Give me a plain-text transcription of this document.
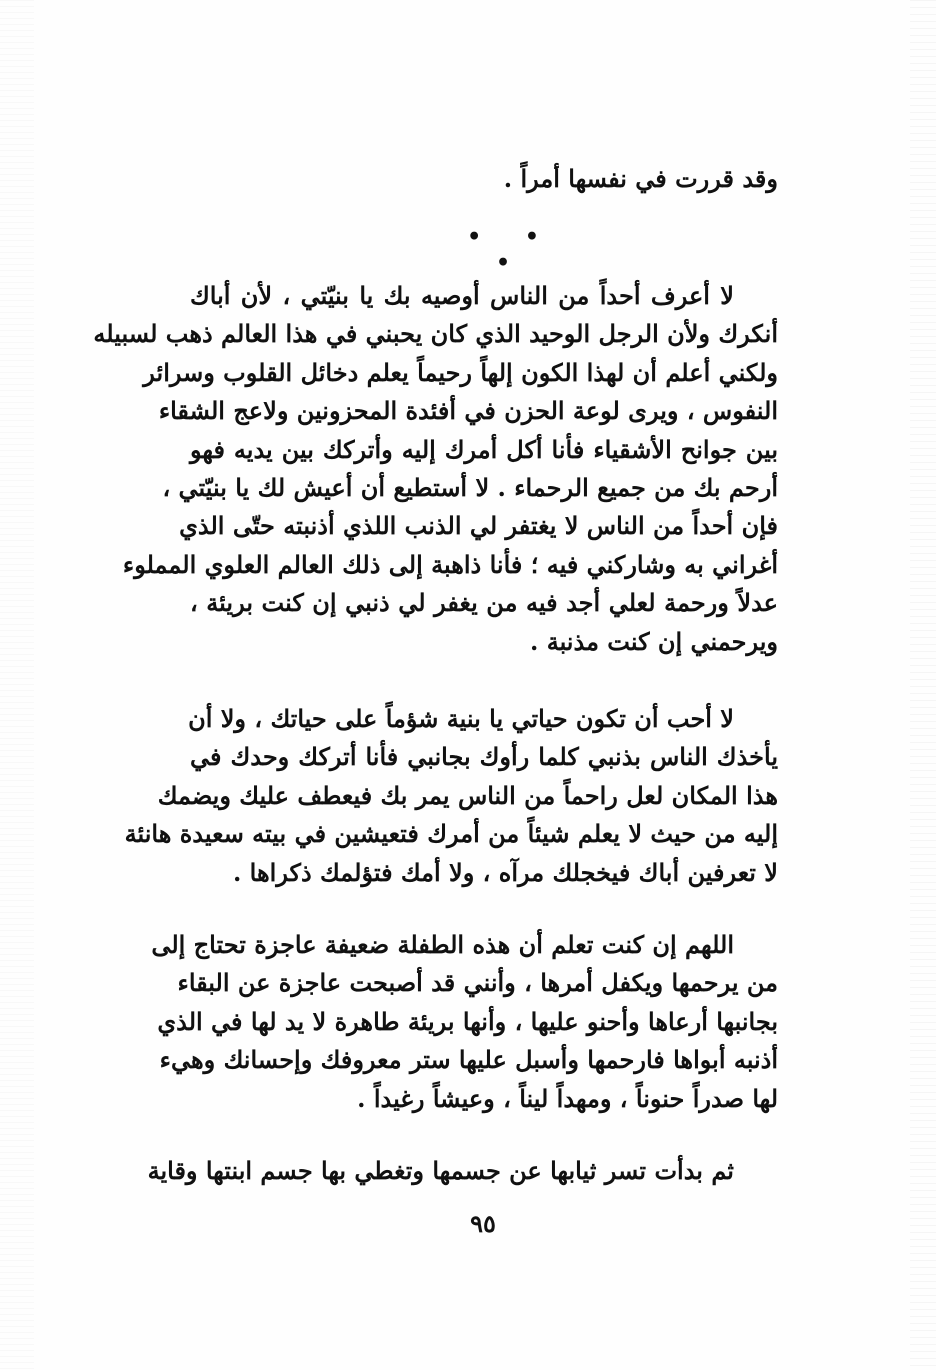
وقد قررت في نفسها أمراً .
• • •
لا أعرف أحداً من الناس أوصيه بك يا بنيّتي ، لأن أباك
أنكرك ولأن الرجل الوحيد الذي كان يحبني في هذا العالم ذهب لسبيله
ولكني أعلم أن لهذا الكون إلهاً رحيماً يعلم دخائل القلوب وسرائر
النفوس ، ويرى لوعة الحزن في أفئدة المحزونين ولاعج الشقاء
بين جوانح الأشقياء فأنا أكل أمرك إليه وأتركك بين يديه فهو
أرحم بك من جميع الرحماء . لا أستطيع أن أعيش لك يا بنيّتي ،
فإن أحداً من الناس لا يغتفر لي الذنب اللذي أذنبته حتّى الذي
أغراني به وشاركني فيه ؛ فأنا ذاهبة إلى ذلك العالم العلوي المملوء
عدلاً ورحمة لعلي أجد فيه من يغفر لي ذنبي إن كنت بريئة ،
ويرحمني إن كنت مذنبة .
لا أحب أن تكون حياتي يا بنية شؤماً على حياتك ، ولا أن
يأخذك الناس بذنبي كلما رأوك بجانبي فأنا أتركك وحدك في
هذا المكان لعل راحماً من الناس يمر بك فيعطف عليك ويضمك
إليه من حيث لا يعلم شيئاً من أمرك فتعيشين في بيته سعيدة هانئة
لا تعرفين أباك فيخجلك مرآه ، ولا أمك فتؤلمك ذكراها .
اللهم إن كنت تعلم أن هذه الطفلة ضعيفة عاجزة تحتاج إلى
من يرحمها ويكفل أمرها ، وأنني قد أصبحت عاجزة عن البقاء
بجانبها أرعاها وأحنو عليها ، وأنها بريئة طاهرة لا يد لها في الذي
أذنبه أبواها فارحمها وأسبل عليها ستر معروفك وإحسانك وهيء
لها صدراً حنوناً ، ومهداً ليناً ، وعيشاً رغيداً .
ثم بدأت تسر ثيابها عن جسمها وتغطي بها جسم ابنتها وقاية
٩٥
